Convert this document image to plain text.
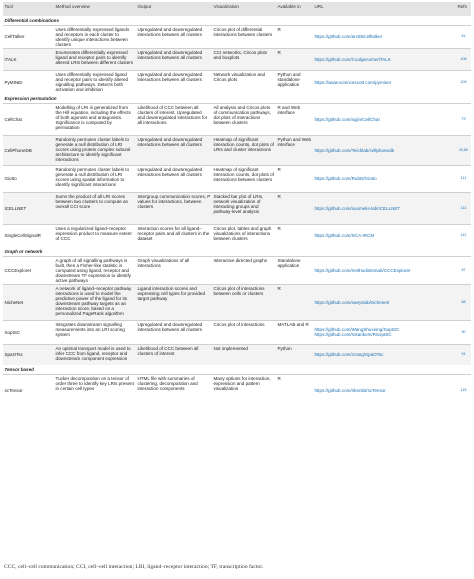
Tool	Method overview	Output	Visualization	Available in	URL	Refs
Differential combinations						
CellTalker	Uses differentially expressed ligands and receptors in each cluster to identify unique interactions between clusters	Upregulated and downregulated interactions between all clusters	Circos plot of differential interactions between clusters	R	https://github.com/arc85/celltalker	61
iTALK	Enumerates differentially expressed ligand and receptor pairs to identify altered LRIs between different clusters	Upregulated and downregulated interactions between all clusters	CCI networks, Circos plots and boxplots	R	https://github.com/Coolgenome/iTALK	108
PyMINEr	Uses differentially expressed ligand and receptor pairs to identify altered signalling pathways. Detects both activation and inhibition	Upregulated and downregulated interactions between all clusters	Network visualization and Circos plots	Python and standalone application	https://www.sciencescott.com/pyminer	109
Expression permutation						
CellChat	Modelling of LRI is generalized from the Hill equation, including the effects of both agonists and antagonists. Significance is computed by permutation	Likelihood of CCC between all clusters of interest. Upregulated and downregulated interactions for all interactions	All analysis and Circos plots of communication pathways, dot plots of interactions between clusters	R and Web interface	https://github.com/sqjin/CellChat	79
CellPhoneDB	Randomly permutes cluster labels to generate a null distribution of LRI scores using protein complex subunit architecture to identify significant interactions	Upregulated and downregulated interactions between all clusters	Heatmap of significant interaction counts, dot plots of LRIs and cluster interactions	Python and Web interface	https://github.com/Teichlab/cellphonedb	30,80
Giotto	Randomly permutes cluster labels to generate a null distribution of LRI scores using spatial information to identify significant interactions	Upregulated and downregulated interactions between all clusters	Heatmap of significant interaction counts, dot plots of interactions between clusters	R	https://github.com/RubD/Giotto	111
ICELLNET	Sums the product of all LRI scores between two clusters to compute an overall CCI score	Intergroup communication scores, P values for interactions, between clusters	Stacked bar plot of LRIs, network visualization of interacting groups and pathway-level analysis	R	https://github.com/soumelis-lab/ICELLNET	113
SingleCellSignalR	Uses a regularized ligand–receptor expression product to measure extent of CCC	Interaction scores for all ligand–receptor pairs and all clusters in the dataset	Circos plot, tables and graph visualizations of interactions between clusters	R	https://github.com/SCA-IRCM	112
Graph or network						
CCCExplorer	A graph of all signalling pathways is built, then a Fisher-like statistic is computed using ligand, receptor and downstream TF expression to identify active pathways	Graph visualizations of all interactions	Interactive directed graphs	Standalone application	https://github.com/methodistsmab/CCCExplorer	87
NicheNet	A network of ligand–receptor pathway interactions is used to model the predictive power of the ligand for its downstream pathway targets as an interaction score, based on a personalized PageRank algorithm	Ligand interaction scores and expressing cell types for provided target pathway	Circos plot of interactions between cells or clusters	R	https://github.com/saeyslab/nichenetr	88
SoptSC	Integrates downstream signalling measurements into an LRI scoring system	Upregulated and downregulated interactions between all clusters	Circos plot of interactions	MATLAB and R	https://github.com/WangShuxiong/SoptSC https://github.com/mkarikom/RSoptSC	90
SpaOTsc	An optimal transport model is used to infer CCC from ligand, receptor and downstream component expression	Likelihood of CCC between all clusters of interest	Not implemented	Python	https://github.com/zcang/SpaOTsc	91
Tensor based						
scTensor	Tucker decomposition on a tensor of order three to identify key LRIs present in certain cell types	HTML file with summaries of clustering, decomposition and interaction components	Many options for interaction, expression and pattern visualization	R	https://github.com/rikenbit/scTensor	115
CCC, cell–cell communication; CCI, cell–cell interaction; LRI, ligand–receptor interaction; TF, transcription factor.
